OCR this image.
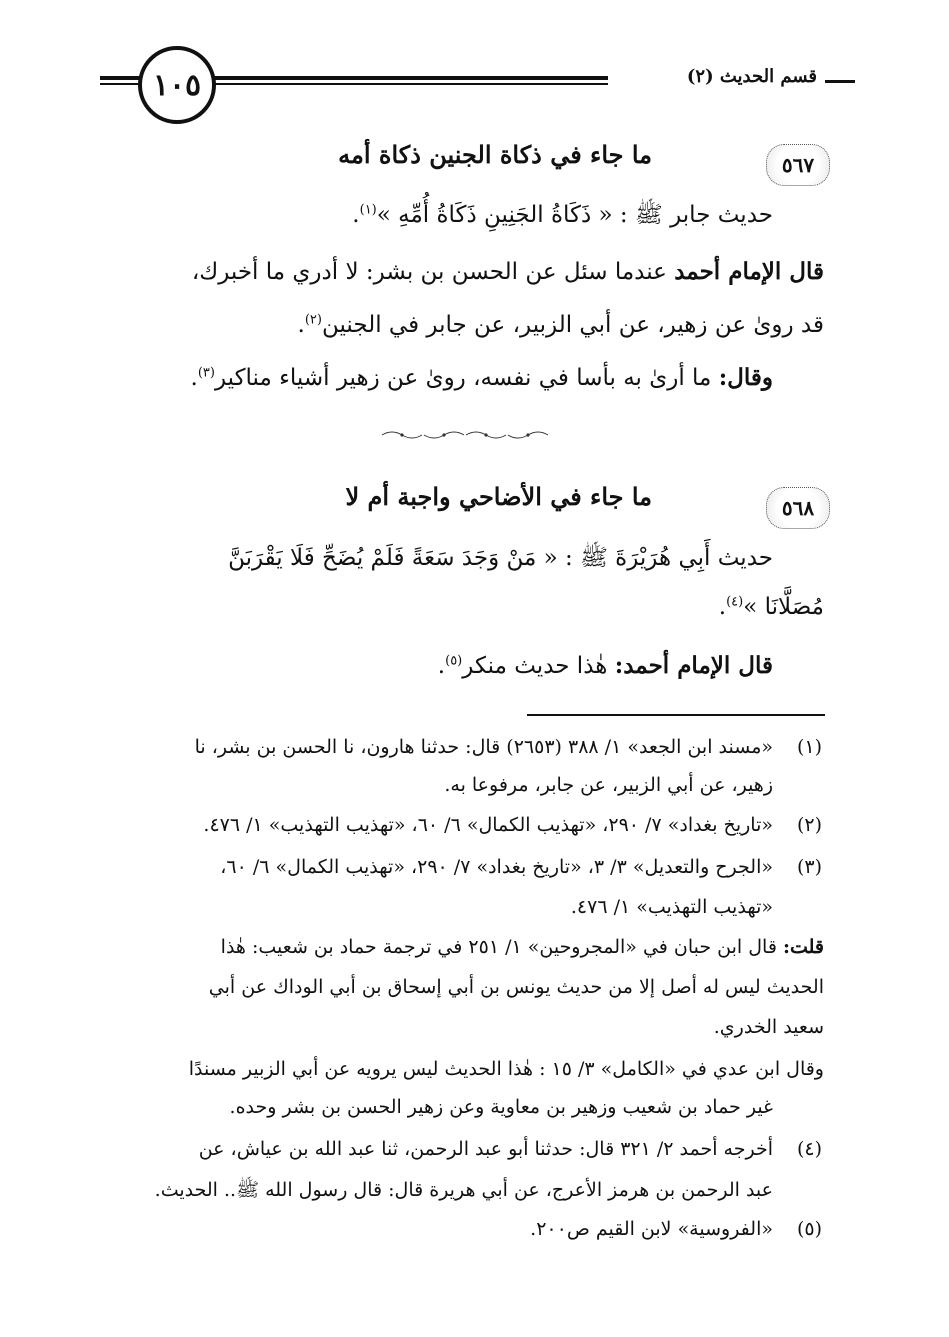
١٠٥	قسم الحديث (٢)
٥٦٧
ما جاء في ذكاة الجنين ذكاة أمه
حديث جابر ﷺ : « ذَكَاةُ الجَنِينِ ذَكَاةُ أُمِّهِ »$^{(١)}$.
قال الإمام أحمد عندما سئل عن الحسن بن بشر: لا أدري ما أخبرك،
قد روىٰ عن زهير، عن أبي الزبير، عن جابر في الجنين$^{(٢)}$.
وقال: ما أرىٰ به بأسا في نفسه، روىٰ عن زهير أشياء مناكير$^{(٣)}$.
٥٦٨
ما جاء في الأضاحي واجبة أم لا
حديث أَبِي هُرَيْرَةَ ﷺ : « مَنْ وَجَدَ سَعَةً فَلَمْ يُضَحِّ فَلَا يَقْرَبَنَّ
مُصَلَّانَا »$^{(٤)}$.
قال الإمام أحمد: هٰذا حديث منكر$^{(٥)}$.
(١)
«مسند ابن الجعد» ١/ ٣٨٨ (٢٦٥٣) قال: حدثنا هارون، نا الحسن بن بشر، نا
زهير، عن أبي الزبير، عن جابر، مرفوعا به.
(٢)
«تاريخ بغداد» ٧/ ٢٩٠، «تهذيب الكمال» ٦/ ٦٠، «تهذيب التهذيب» ١/ ٤٧٦.
(٣)
«الجرح والتعديل» ٣/ ٣، «تاريخ بغداد» ٧/ ٢٩٠، «تهذيب الكمال» ٦/ ٦٠،
«تهذيب التهذيب» ١/ ٤٧٦.
قلت: قال ابن حبان في «المجروحين» ١/ ٢٥١ في ترجمة حماد بن شعيب: هٰذا
الحديث ليس له أصل إلا من حديث يونس بن أبي إسحاق بن أبي الوداك عن أبي
سعيد الخدري.
وقال ابن عدي في «الكامل» ٣/ ١٥ : هٰذا الحديث ليس يرويه عن أبي الزبير مسندًا
غير حماد بن شعيب وزهير بن معاوية وعن زهير الحسن بن بشر وحده.
(٤)
أخرجه أحمد ٢/ ٣٢١ قال: حدثنا أبو عبد الرحمن، ثنا عبد الله بن عياش، عن
عبد الرحمن بن هرمز الأعرج، عن أبي هريرة قال: قال رسول الله ﷺ.. الحديث.
(٥)
«الفروسية» لابن القيم ص٢٠٠.
